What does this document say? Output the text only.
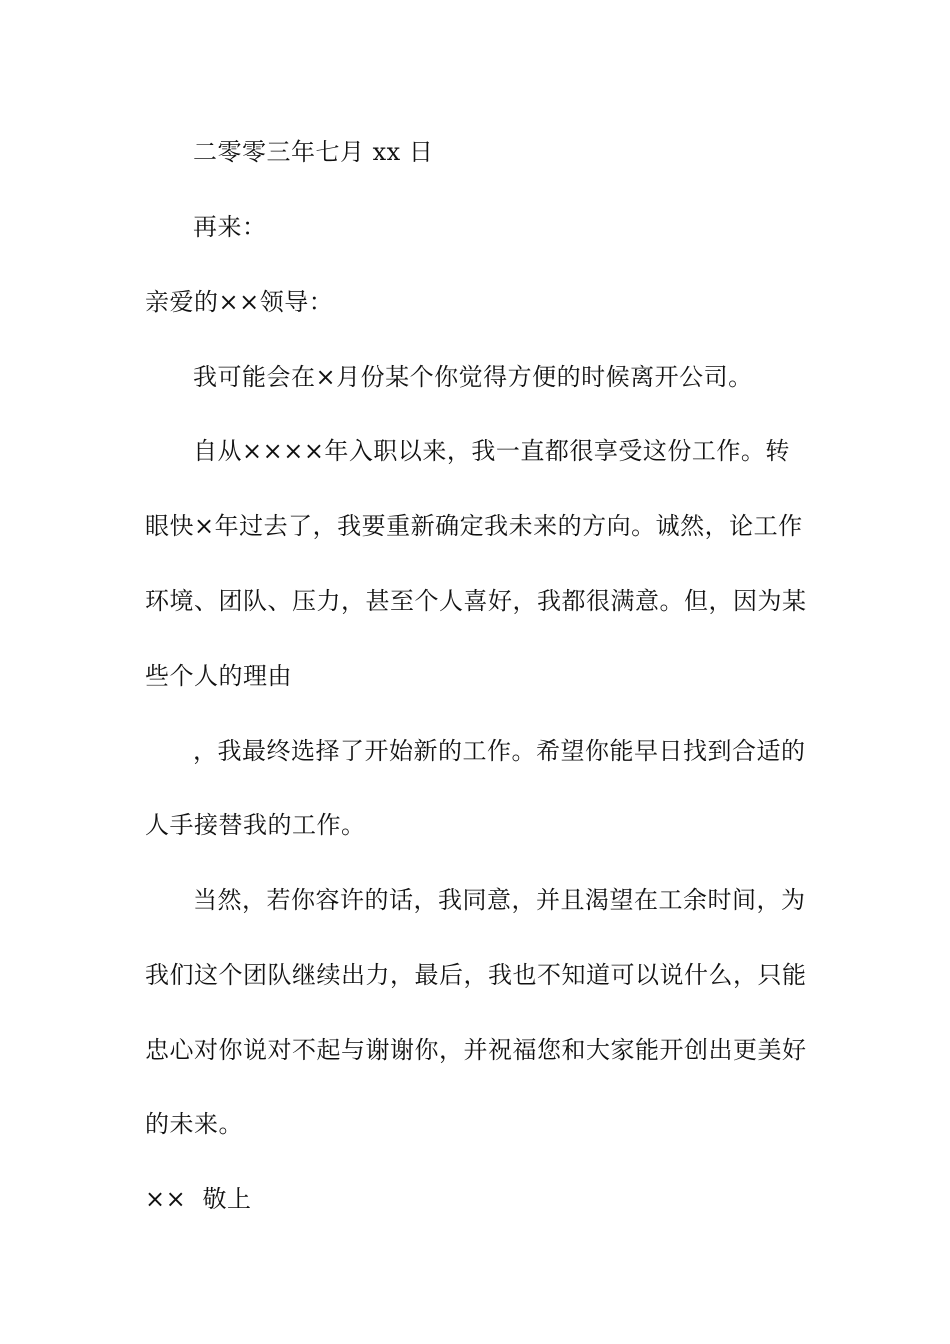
二零零三年七月 xx 日
再来：
亲爱的××领导：
我可能会在×月份某个你觉得方便的时候离开公司。
自从××××年入职以来，我一直都很享受这份工作。转
眼快×年过去了，我要重新确定我未来的方向。诚然，论工作
环境、团队、压力，甚至个人喜好，我都很满意。但，因为某
些个人的理由
，我最终选择了开始新的工作。希望你能早日找到合适的
人手接替我的工作。
当然，若你容许的话，我同意，并且渴望在工余时间，为
我们这个团队继续出力，最后，我也不知道可以说什么，只能
忠心对你说对不起与谢谢你，并祝福您和大家能开创出更美好
的未来。
××  敬上
